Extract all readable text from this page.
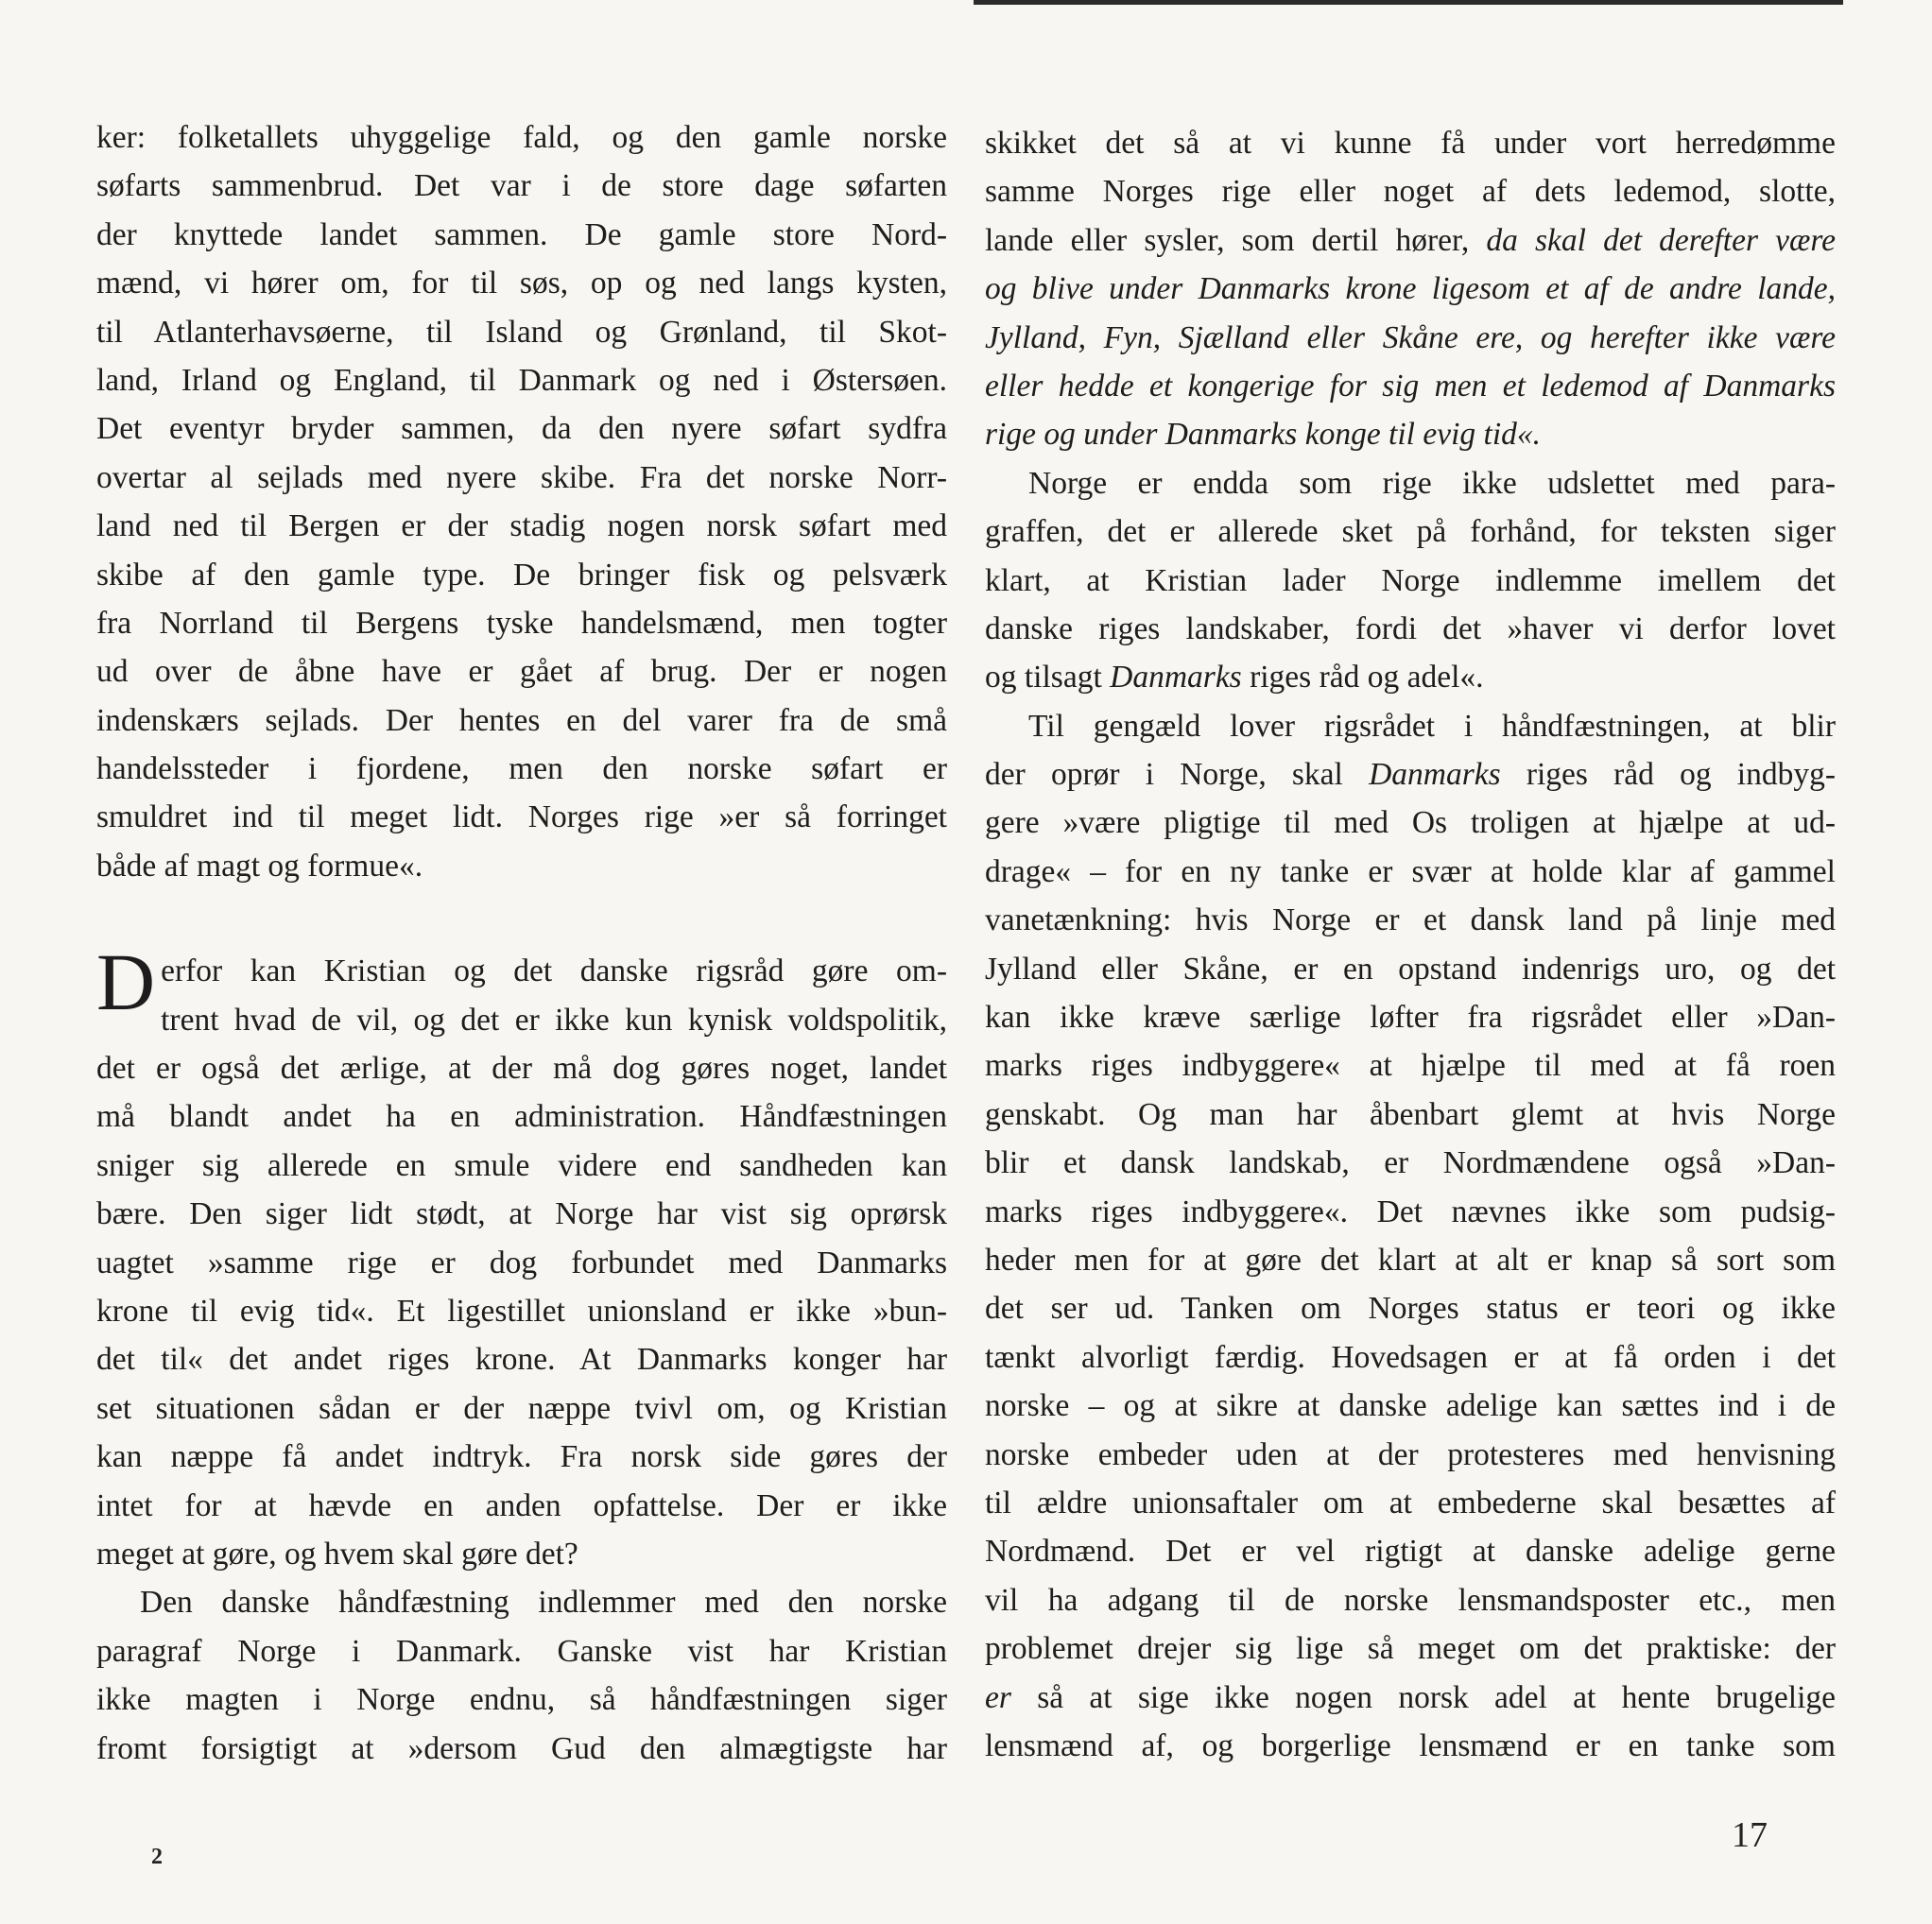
ker: folketallets uhyggelige fald, og den gamle norske
søfarts sammenbrud. Det var i de store dage søfarten
der knyttede landet sammen. De gamle store Nord-
mænd, vi hører om, for til søs, op og ned langs kysten,
til Atlanterhavsøerne, til Island og Grønland, til Skot-
land, Irland og England, til Danmark og ned i Østersøen.
Det eventyr bryder sammen, da den nyere søfart sydfra
overtar al sejlads med nyere skibe. Fra det norske Norr-
land ned til Bergen er der stadig nogen norsk søfart med
skibe af den gamle type. De bringer fisk og pelsværk
fra Norrland til Bergens tyske handelsmænd, men togter
ud over de åbne have er gået af brug. Der er nogen
indenskærs sejlads. Der hentes en del varer fra de små
handelssteder i fjordene, men den norske søfart er
smuldret ind til meget lidt. Norges rige »er så forringet
både af magt og formue«.
D erfor kan Kristian og det danske rigsråd gøre om-
trent hvad de vil, og det er ikke kun kynisk voldspolitik,
det er også det ærlige, at der må dog gøres noget, landet
må blandt andet ha en administration. Håndfæstningen
sniger sig allerede en smule videre end sandheden kan
bære. Den siger lidt stødt, at Norge har vist sig oprørsk
uagtet »samme rige er dog forbundet med Danmarks
krone til evig tid«. Et ligestillet unionsland er ikke »bun-
det til« det andet riges krone. At Danmarks konger har
set situationen sådan er der næppe tvivl om, og Kristian
kan næppe få andet indtryk. Fra norsk side gøres der
intet for at hævde en anden opfattelse. Der er ikke
meget at gøre, og hvem skal gøre det?
Den danske håndfæstning indlemmer med den norske
paragraf Norge i Danmark. Ganske vist har Kristian
ikke magten i Norge endnu, så håndfæstningen siger
fromt forsigtigt at »dersom Gud den almægtigste har
skikket det så at vi kunne få under vort herredømme
samme Norges rige eller noget af dets ledemod, slotte,
lande eller sysler, som dertil hører, da skal det derefter være
og blive under Danmarks krone ligesom et af de andre lande,
Jylland, Fyn, Sjælland eller Skåne ere, og herefter ikke være
eller hedde et kongerige for sig men et ledemod af Danmarks
rige og under Danmarks konge til evig tid«.
Norge er endda som rige ikke udslettet med para-
graffen, det er allerede sket på forhånd, for teksten siger
klart, at Kristian lader Norge indlemme imellem det
danske riges landskaber, fordi det »haver vi derfor lovet
og tilsagt Danmarks riges råd og adel«.
Til gengæld lover rigsrådet i håndfæstningen, at blir
der oprør i Norge, skal Danmarks riges råd og indbyg-
gere »være pligtige til med Os troligen at hjælpe at ud-
drage« – for en ny tanke er svær at holde klar af gammel
vanetænkning: hvis Norge er et dansk land på linje med
Jylland eller Skåne, er en opstand indenrigs uro, og det
kan ikke kræve særlige løfter fra rigsrådet eller »Dan-
marks riges indbyggere« at hjælpe til med at få roen
genskabt. Og man har åbenbart glemt at hvis Norge
blir et dansk landskab, er Nordmændene også »Dan-
marks riges indbyggere«. Det nævnes ikke som pudsig-
heder men for at gøre det klart at alt er knap så sort som
det ser ud. Tanken om Norges status er teori og ikke
tænkt alvorligt færdig. Hovedsagen er at få orden i det
norske – og at sikre at danske adelige kan sættes ind i de
norske embeder uden at der protesteres med henvisning
til ældre unionsaftaler om at embederne skal besættes af
Nordmænd. Det er vel rigtigt at danske adelige gerne
vil ha adgang til de norske lensmandsposter etc., men
problemet drejer sig lige så meget om det praktiske: der
er så at sige ikke nogen norsk adel at hente brugelige
lensmænd af, og borgerlige lensmænd er en tanke som
2
17
